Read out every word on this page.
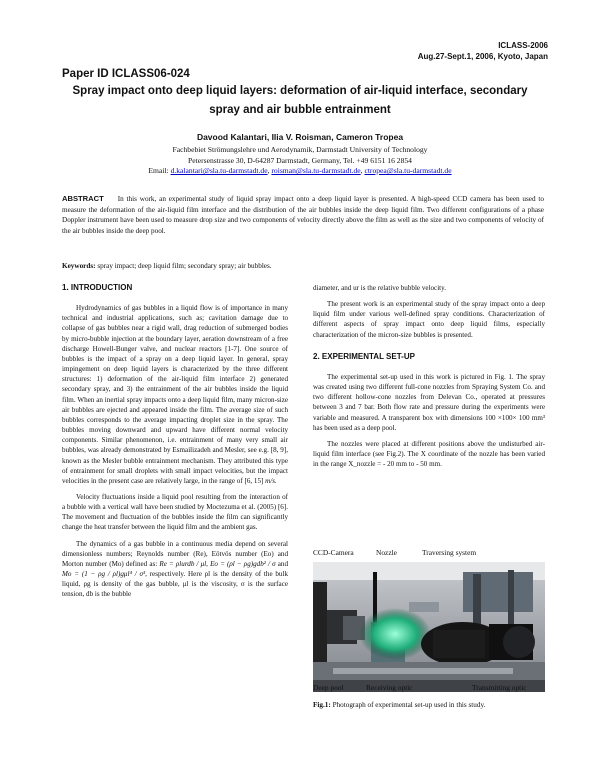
ICLASS-2006
Aug.27-Sept.1, 2006, Kyoto, Japan
Paper ID ICLASS06-024
Spray impact onto deep liquid layers: deformation of air-liquid interface, secondary
spray and air bubble entrainment
Davood Kalantari, Ilia V. Roisman, Cameron Tropea
Fachbebiet Strömungslehre und Aerodynamik, Darmstadt University of Technology
Petersenstrasse 30, D-64287 Darmstadt, Germany, Tel. +49 6151 16 2854
Email: d.kalantari@sla.tu-darmstadt.de, roisman@sla.tu-darmstadt.de, ctropea@sla.tu-darmstadt.de
ABSTRACT In this work, an experimental study of liquid spray impact onto a deep liquid layer is presented. A high-speed CCD camera has been used to measure the deformation of the air-liquid film interface and the distribution of the air bubbles inside the deep liquid film. Two different configurations of a phase Doppler instrument have been used to measure drop size and two components of velocity directly above the film as well as the size and two components of velocity of the air bubbles inside the deep pool.
Keywords: spray impact; deep liquid film; secondary spray; air bubbles.
1. INTRODUCTION

Hydrodynamics of gas bubbles in a liquid flow is of importance in many technical and industrial applications, such as; cavitation damage due to collapse of gas bubbles near a rigid wall, drag reduction of submerged bodies by micro-bubble injection at the boundary layer, aeration downstream of a free discharge Howell-Bunger valve, and nuclear reactors [1-7]. One source of bubbles is the impact of a spray on a deep liquid layer. In general, spray impingement on deep liquid layers is characterized by the three different structures: 1) deformation of the air-liquid film interface 2) generated secondary spray, and 3) the entrainment of the air bubbles inside the liquid film. When an inertial spray impacts onto a deep liquid film, many micron-size air bubbles are ejected and appeared inside the film. The average size of such bubbles corresponds to the average impacting droplet size in the spray. The bubbles moving downward and upward have different normal velocity components. Similar phenomenon, i.e. entrainment of many very small air bubbles, was already demonstrated by Esmailizadeh and Mesler, see e.g. [8, 9], known as the Mesler bubble entrainment mechanism. They attributed this type of entrainment for small droplets with small impact velocities, but the impact velocities in the present case are relatively large, in the range of [6, 15] m/s.

Velocity fluctuations inside a liquid pool resulting from the interaction of a bubble with a vertical wall have been studied by Moctezuma et al. (2005) [6]. The movement and fluctuation of the bubbles inside the film can significantly change the heat transfer between the liquid film and the ambient gas.

The dynamics of a gas bubble in a continuous media depend on several dimensionless numbers; Reynolds number (Re), Eötvös number (Eo) and Morton number (Mo) defined as: Re = ρlurdb / μl, Eo = (ρl − ρg)gdb² / σ and Mo = (1 − ρg / ρl)gμl⁴ / σ³, respectively. Here ρl is the density of the bulk liquid, ρg is density of the gas bubble, μl is the viscosity, σ is the surface tension, db is the bubble

diameter, and ur is the relative bubble velocity.

The present work is an experimental study of the spray impact onto a deep liquid film under various well-defined spray conditions. Characterization of different aspects of spray impact onto deep liquid films, especially characterization of the micron-size bubbles is presented.

2. EXPERIMENTAL SET-UP

The experimental set-up used in this work is pictured in Fig. 1. The spray was created using two different full-cone nozzles from Spraying System Co. and two different hollow-cone nozzles from Delevan Co., operated at pressures between 3 and 7 bar. Both flow rate and pressure during the experiments were variable and measured. A transparent box with dimensions 100 ×100× 100 mm³ has been used as a deep pool.

The nozzles were placed at different positions above the undisturbed air-liquid film interface (see Fig.2). The X coordinate of the nozzle has been varied in the range X_nozzle = - 20 mm to - 50 mm.

CCD-Camera	Nozzle	Traversing system
Deep pool	Receiving optic	Transmitting optic
Fig.1: Photograph of experimental set-up used in this study.
